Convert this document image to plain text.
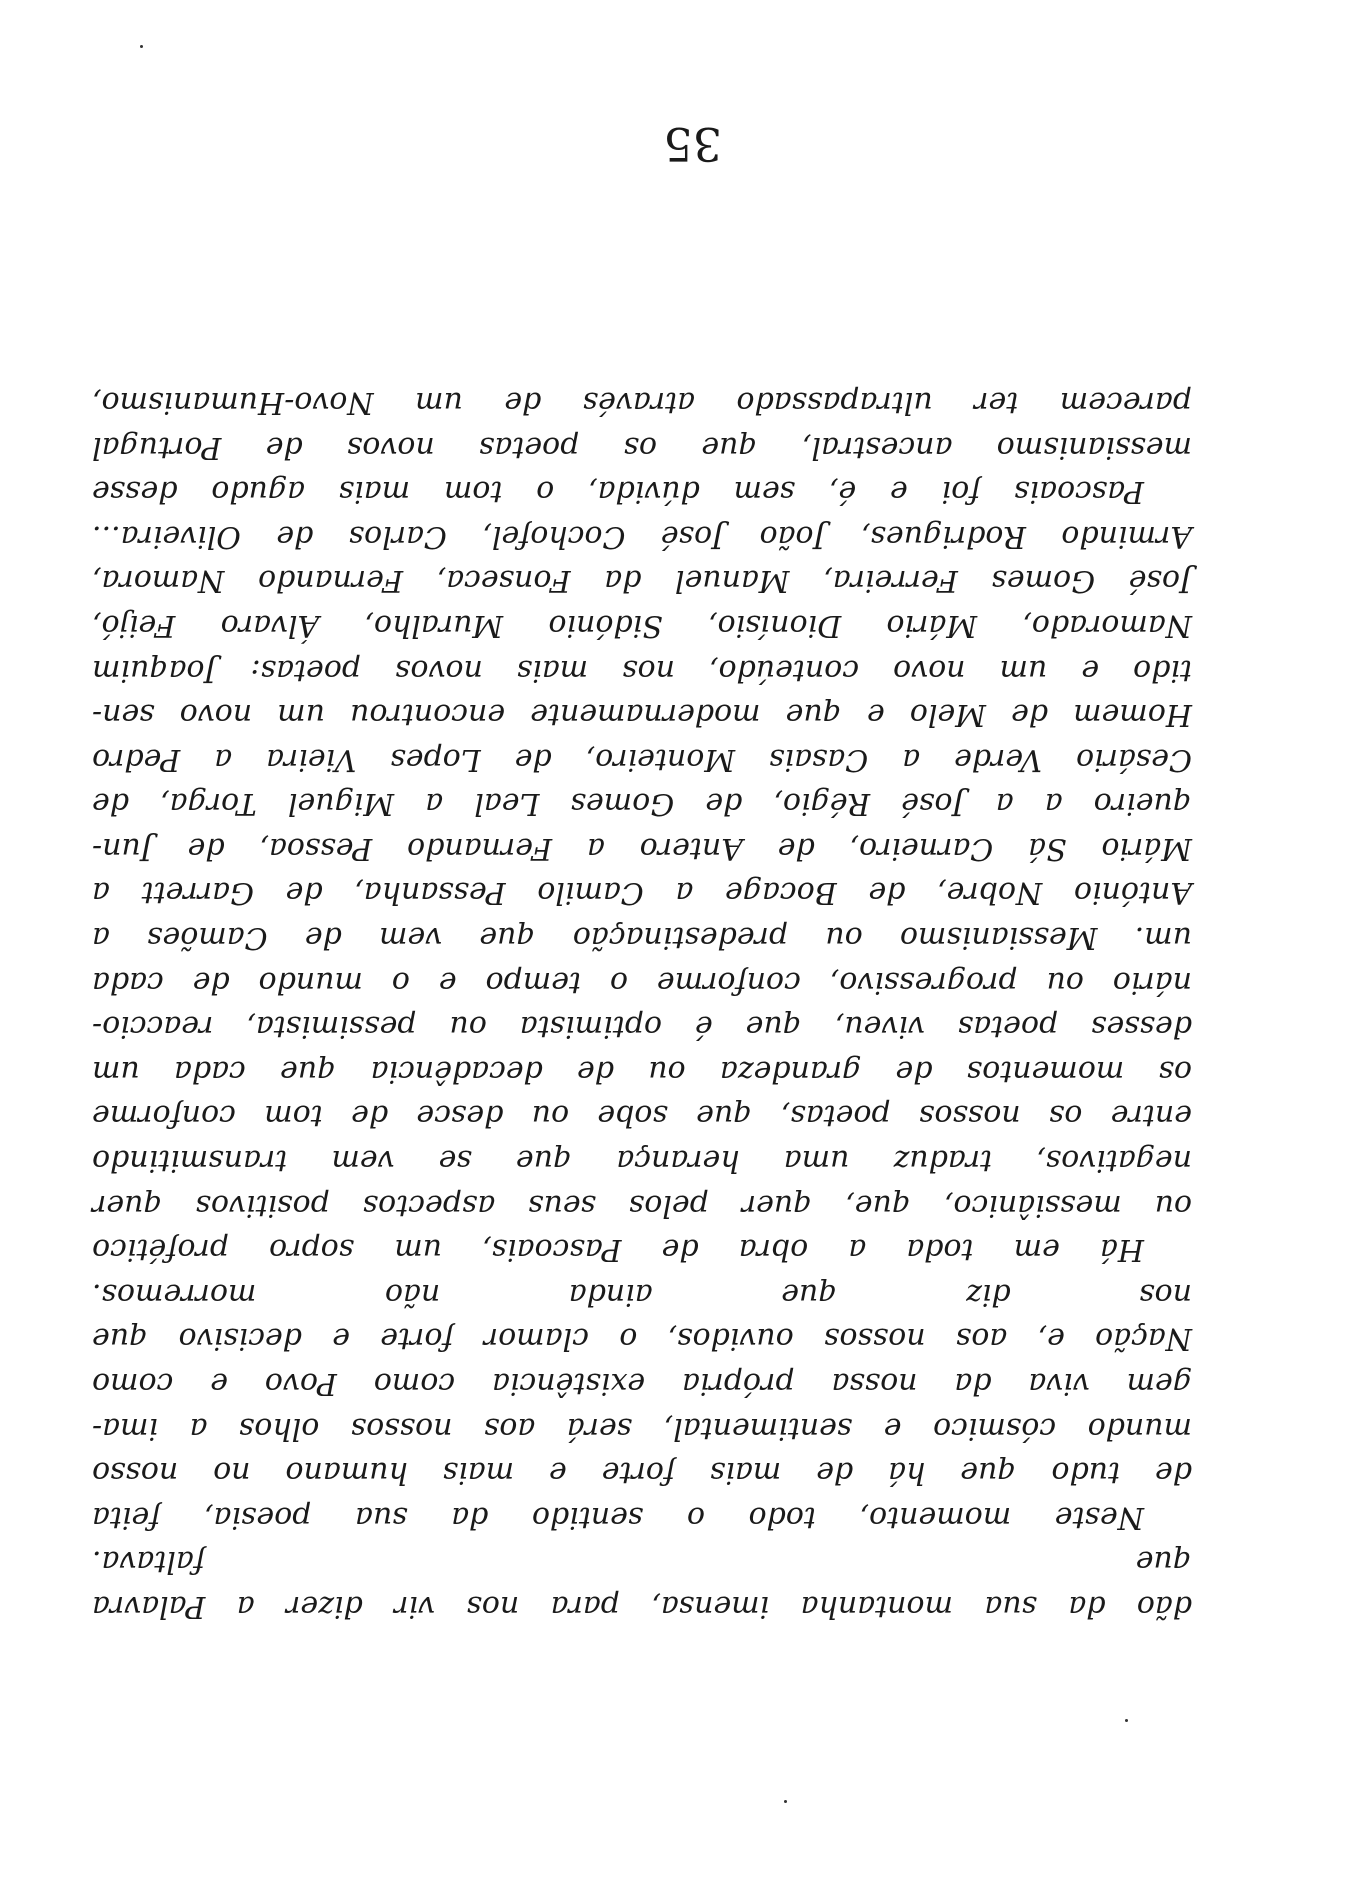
dão da sua montanha imensa, para nos vir dizer a Palavra
que faltava.
Neste momento, todo o sentido da sua poesia, feita
de tudo que há de mais forte e mais humano no nosso
mundo cósmico e sentimental, será aos nossos olhos a ima-
gem viva da nossa própria existência como Povo e como
Nação e, aos nossos ouvidos, o clamor forte e decisivo que
nos diz que ainda não morremos.
Há em toda a obra de Pascoais, um sopro profético
ou messiânico, que, quer pelos seus aspectos positivos quer
negativos, traduz uma herança que se vem transmitindo
entre os nossos poetas, que sobe ou desce de tom conforme
os momentos de grandeza ou de decadência que cada um
desses poetas viveu, que é optimista ou pessimista, reaccio-
nário ou progressivo, conforme o tempo e o mundo de cada
um. Messianismo ou predestinação que vem de Camões a
António Nobre, de Bocage a Camilo Pessanha, de Garrett a
Mário Sá Carneiro, de Antero a Fernando Pessoa, de Jun-
queiro a a José Régio, de Gomes Leal a Miguel Torga, de
Cesário Verde a Casais Monteiro, de Lopes Vieira a Pedro
Homem de Melo e que modernamente encontrou um novo sen-
tido e um novo conteúdo, nos mais novos poetas: Joaquim
Namorado, Mário Dionísio, Sidónio Muralho, Álvaro Feijó,
José Gomes Ferreira, Manuel da Fonseca, Fernando Namora,
Armindo Rodrigues, João José Cochofel, Carlos de Oliveira...
Pascoais foi e é, sem dúvida, o tom mais agudo desse
messianismo ancestral, que os poetas novos de Portugal
parecem ter ultrapassado através de um Novo-Humanismo,
35
